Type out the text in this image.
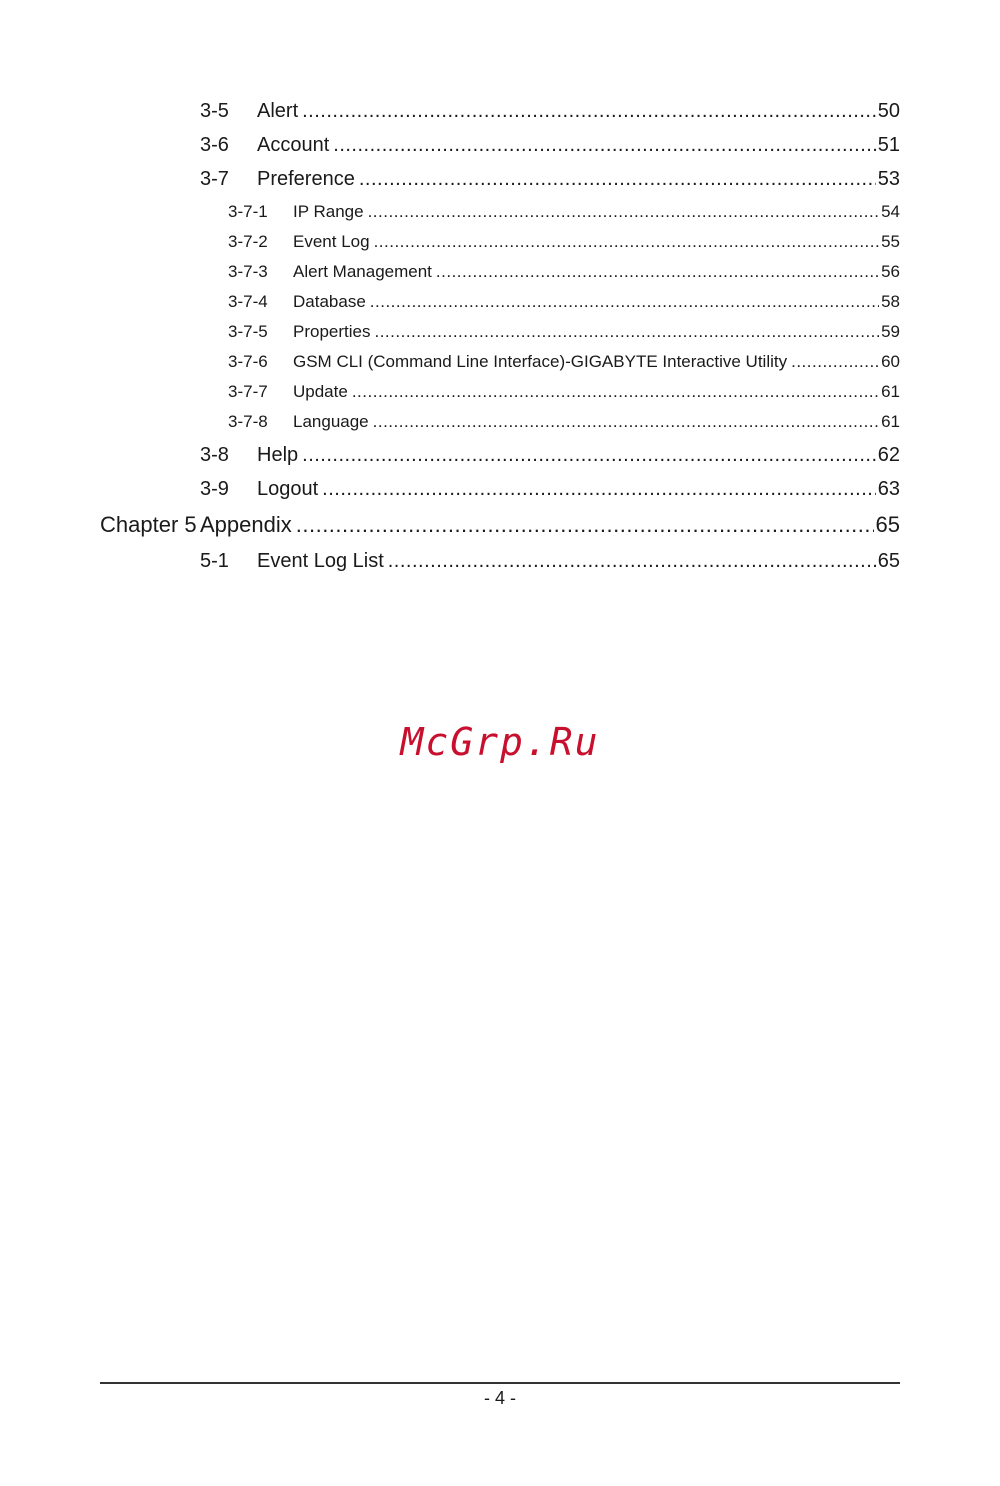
3-5	Alert .....	50
3-6	Account .....	51
3-7	Preference .....	53
3-7-1	IP Range .....	54
3-7-2	Event Log .....	55
3-7-3	Alert Management .....	56
3-7-4	Database .....	58
3-7-5	Properties .....	59
3-7-6	GSM CLI (Command Line Interface)-GIGABYTE Interactive Utility .....	60
3-7-7	Update .....	61
3-7-8	Language .....	61
3-8	Help .....	62
3-9	Logout .....	63
Chapter 5 Appendix .....	65
5-1	Event Log List .....	65
McGrp.Ru
- 4 -
